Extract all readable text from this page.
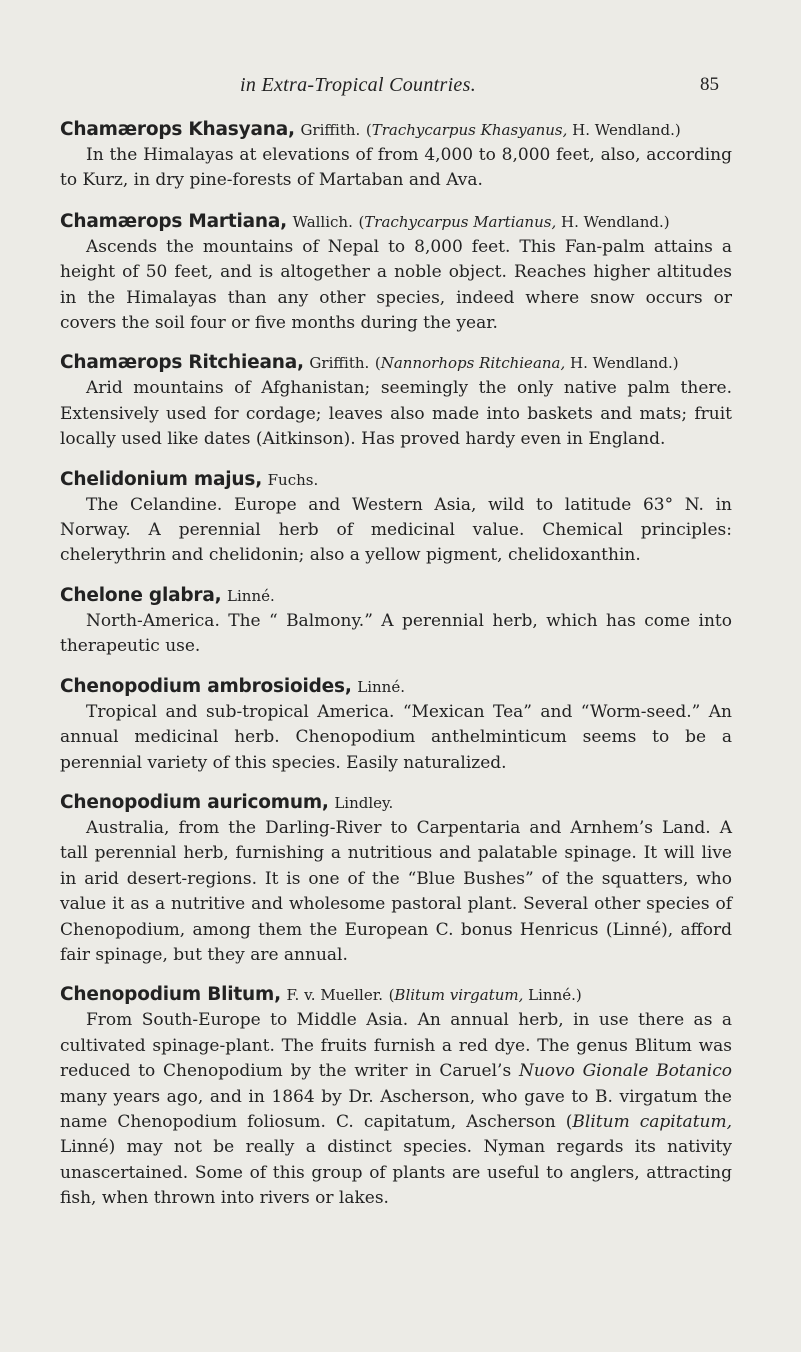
in Extra-Tropical Countries.	85
Chamærops Khasyana, Griffith. (Trachycarpus Khasyanus, H. Wendland.)

In the Himalayas at elevations of from 4,000 to 8,000 feet, also, according to Kurz, in dry pine-forests of Martaban and Ava.

Chamærops Martiana, Wallich. (Trachycarpus Martianus, H. Wendland.)

Ascends the mountains of Nepal to 8,000 feet. This Fan-palm attains a height of 50 feet, and is altogether a noble object. Reaches higher altitudes in the Himalayas than any other species, indeed where snow occurs or covers the soil four or five months during the year.

Chamærops Ritchieana, Griffith. (Nannorhops Ritchieana, H. Wendland.)

Arid mountains of Afghanistan; seemingly the only native palm there. Extensively used for cordage; leaves also made into baskets and mats; fruit locally used like dates (Aitkinson). Has proved hardy even in England.

Chelidonium majus, Fuchs.

The Celandine. Europe and Western Asia, wild to latitude 63° N. in Norway. A perennial herb of medicinal value. Chemical principles: chelerythrin and chelidonin; also a yellow pigment, chelidoxanthin.

Chelone glabra, Linné.

North-America. The “ Balmony.” A perennial herb, which has come into therapeutic use.

Chenopodium ambrosioides, Linné.

Tropical and sub-tropical America. “Mexican Tea” and “Worm-seed.” An annual medicinal herb. Chenopodium anthelminticum seems to be a perennial variety of this species. Easily naturalized.

Chenopodium auricomum, Lindley.

Australia, from the Darling-River to Carpentaria and Arnhem’s Land. A tall perennial herb, furnishing a nutritious and palatable spinage. It will live in arid desert-regions. It is one of the “Blue Bushes” of the squatters, who value it as a nutritive and wholesome pastoral plant. Several other species of Chenopodium, among them the European C. bonus Henricus (Linné), afford fair spinage, but they are annual.

Chenopodium Blitum, F. v. Mueller. (Blitum virgatum, Linné.)

From South-Europe to Middle Asia. An annual herb, in use there as a cultivated spinage-plant. The fruits furnish a red dye. The genus Blitum was reduced to Chenopodium by the writer in Caruel’s Nuovo Gionale Botanico many years ago, and in 1864 by Dr. Ascherson, who gave to B. virgatum the name Chenopodium foliosum. C. capitatum, Ascherson (Blitum capitatum, Linné) may not be really a distinct species. Nyman regards its nativity unascertained. Some of this group of plants are useful to anglers, attracting fish, when thrown into rivers or lakes.
